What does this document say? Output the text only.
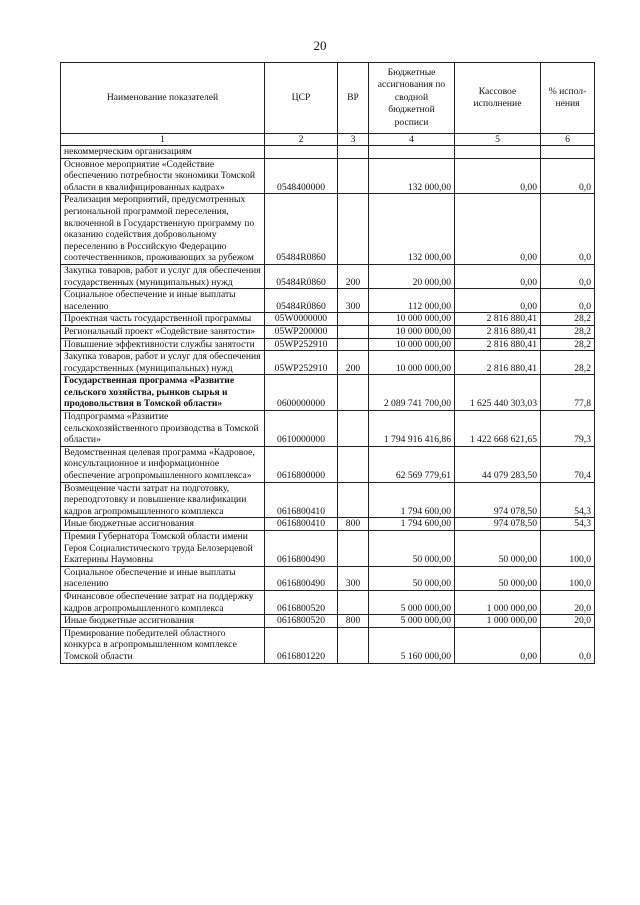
20
Наименование показателей	ЦСР	ВР	Бюджетные ассигнования по сводной бюджетной росписи	Кассовое исполнение	% испол-нения
1	2	3	4	5	6
некоммерческим организациям					
Основное мероприятие «Содействие обеспечению потребности экономики Томской области в квалифицированных кадрах»	0548400000		132 000,00	0,00	0,0
Реализация мероприятий, предусмотренных региональной программой переселения, включенной в Государственную программу по оказанию содействия добровольному переселению в Российскую Федерацию соотечественников, проживающих за рубежом	05484R0860		132 000,00	0,00	0,0
Закупка товаров, работ и услуг для обеспечения государственных (муниципальных) нужд	05484R0860	200	20 000,00	0,00	0,0
Социальное обеспечение и иные выплаты населению	05484R0860	300	112 000,00	0,00	0,0
Проектная часть государственной программы	05W0000000		10 000 000,00	2 816 880,41	28,2
Региональный проект «Содействие занятости»	05WP200000		10 000 000,00	2 816 880,41	28,2
Повышение эффективности службы занятости	05WP252910		10 000 000,00	2 816 880,41	28,2
Закупка товаров, работ и услуг для обеспечения государственных (муниципальных) нужд	05WP252910	200	10 000 000,00	2 816 880,41	28,2
Государственная программа «Развитие сельского хозяйства, рынков сырья и продовольствия в Томской области»	0600000000		2 089 741 700,00	1 625 440 303,03	77,8
Подпрограмма «Развитие сельскохозяйственного производства в Томской области»	0610000000		1 794 916 416,86	1 422 668 621,65	79,3
Ведомственная целевая программа «Кадровое, консультационное и информационное обеспечение агропромышленного комплекса»	0616800000		62 569 779,61	44 079 283,50	70,4
Возмещение части затрат на подготовку, переподготовку и повышение квалификации кадров агропромышленного комплекса	0616800410		1 794 600,00	974 078,50	54,3
Иные бюджетные ассигнования	0616800410	800	1 794 600,00	974 078,50	54,3
Премия Губернатора Томской области имени Героя Социалистического труда Белозерцевой Екатерины Наумовны	0616800490		50 000,00	50 000,00	100,0
Социальное обеспечение и иные выплаты населению	0616800490	300	50 000,00	50 000,00	100,0
Финансовое обеспечение затрат на поддержку кадров агропромышленного комплекса	0616800520		5 000 000,00	1 000 000,00	20,0
Иные бюджетные ассигнования	0616800520	800	5 000 000,00	1 000 000,00	20,0
Премирование победителей областного конкурса в агропромышленном комплексе Томской области	0616801220		5 160 000,00	0,00	0,0
